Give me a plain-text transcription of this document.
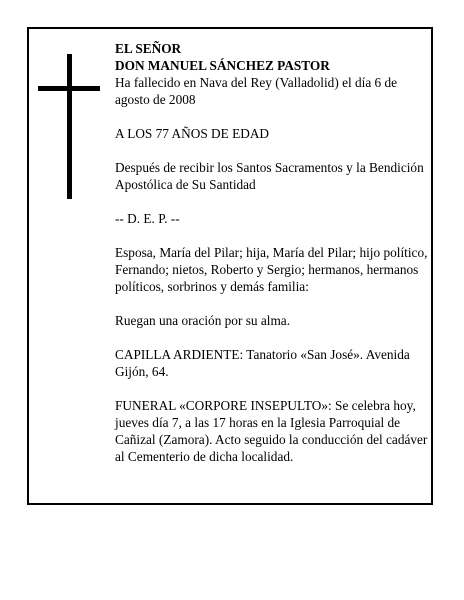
EL SEÑOR

DON MANUEL SÁNCHEZ PASTOR

Ha fallecido en Nava del Rey (Valladolid) el día 6 de agosto de 2008

A LOS 77 AÑOS DE EDAD

Después de recibir los Santos Sacramentos y la Bendición Apostólica de Su Santidad

-- D. E. P. --

Esposa, María del Pilar; hija, María del Pilar; hijo político, Fernando; nietos, Roberto y Sergio; hermanos, hermanos políticos, sorbrinos y demás familia:

Ruegan una oración por su alma.

CAPILLA ARDIENTE: Tanatorio «San José». Avenida Gijón, 64.

FUNERAL «CORPORE INSEPULTO»: Se celebra hoy, jueves día 7, a las 17 horas en la Iglesia Parroquial de Cañizal (Zamora). Acto seguido la conducción del cadáver al Cementerio de dicha localidad.
